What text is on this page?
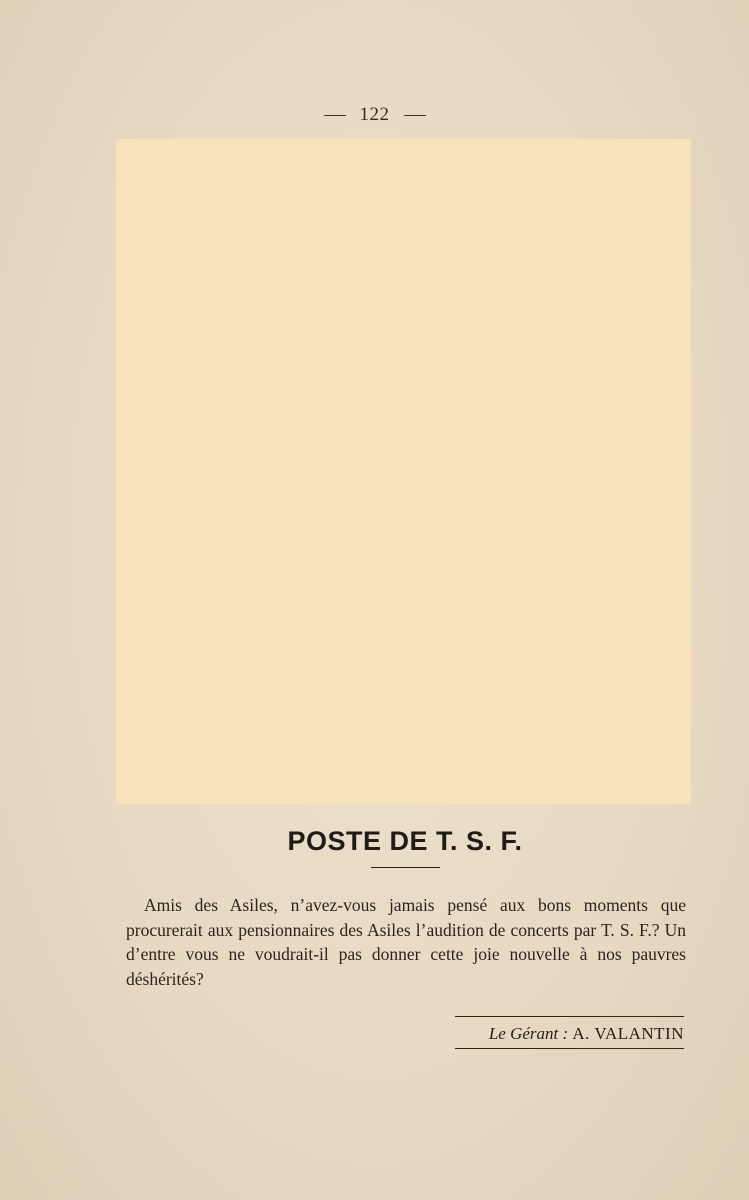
122
POSTE DE T. S. F.

Amis des Asiles, n’avez-vous jamais pensé aux bons moments que procurerait aux pensionnaires des Asiles l’audition de concerts par T. S. F.? Un d’entre vous ne voudrait-il pas donner cette joie nouvelle à nos pauvres déshérités?

Le Gérant : A. VALANTIN
